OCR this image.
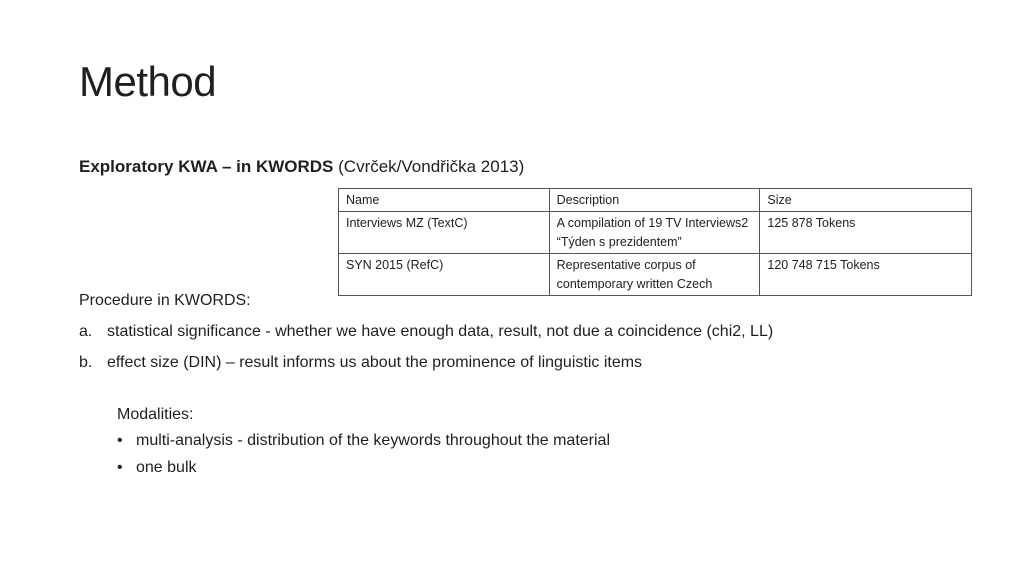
Method
Exploratory KWA – in KWORDS (Cvrček/Vondřička 2013)
Name	Description	Size
Interviews MZ (TextC)	A compilation of 19 TV Interviews2 “Týden s prezidentem”	125 878 Tokens
SYN 2015 (RefC)	Representative corpus of contemporary written Czech	120 748 715 Tokens
Procedure in KWORDS:
a. statistical significance - whether we have enough data, result, not due a coincidence (chi2, LL)
b. effect size (DIN) – result informs us about the prominence of linguistic items
Modalities:
• multi-analysis - distribution of the keywords throughout the material
• one bulk
